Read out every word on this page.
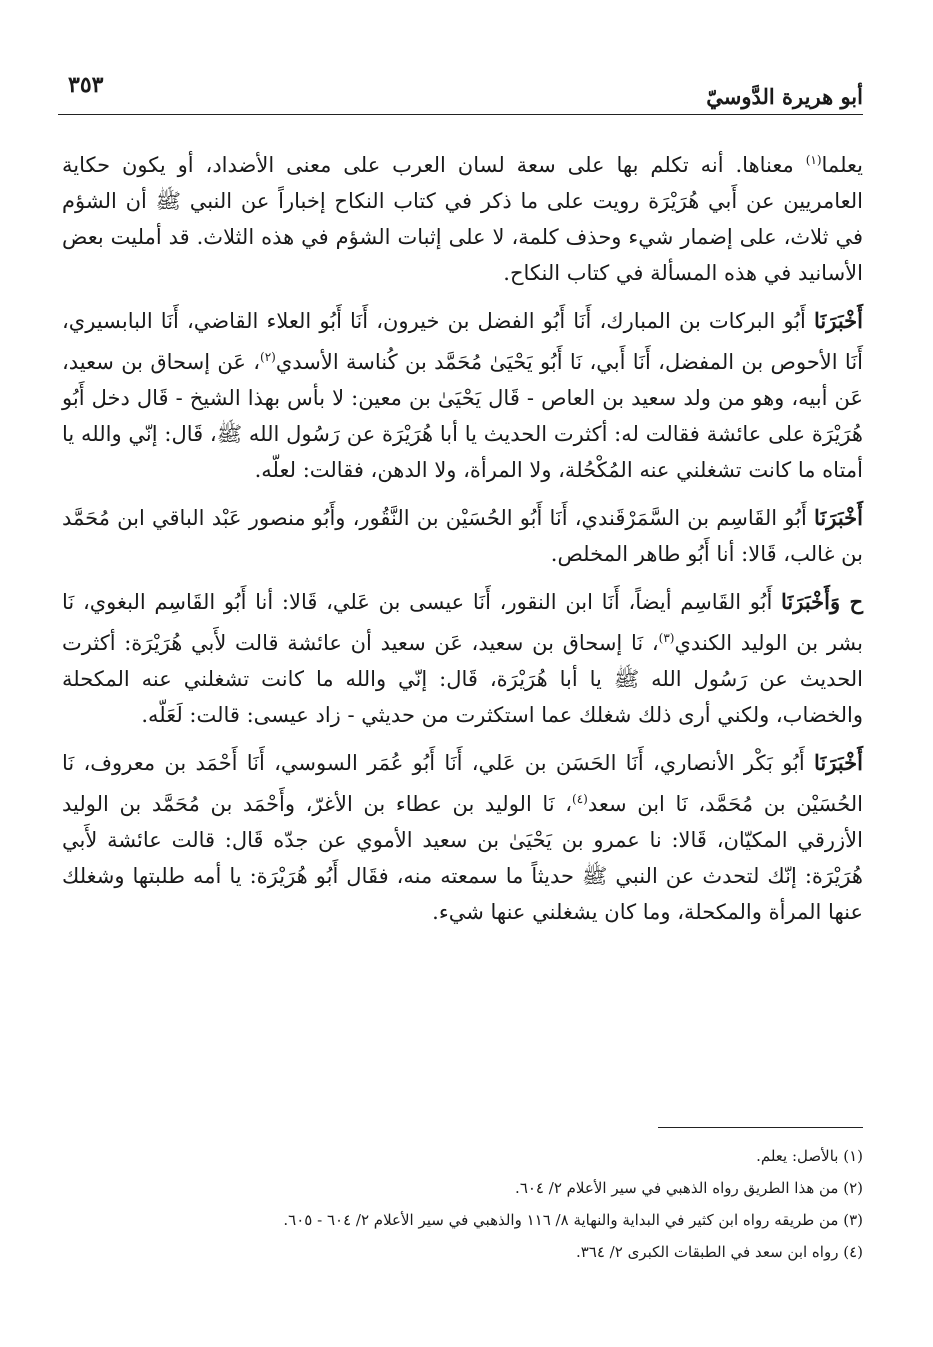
أبو هريرة الدَّوسيّ
٣٥٣

يعلما$^{(١)}$ معناها. أنه تكلم بها على سعة لسان العرب على معنى الأضداد، أو يكون حكاية العامريين عن أَبي هُرَيْرَة رويت على ما ذكر في كتاب النكاح إخباراً عن النبي ﷺ أن الشؤم في ثلاث، على إضمار شيء وحذف كلمة، لا على إثبات الشؤم في هذه الثلاث. قد أمليت بعض الأسانيد في هذه المسألة في كتاب النكاح.

أَخْبَرَنَا أَبُو البركات بن المبارك، أَنَا أَبُو الفضل بن خيرون، أَنَا أَبُو العلاء القاضي، أَنَا البابسيري، أَنَا الأحوص بن المفضل، أَنَا أَبي، نَا أَبُو يَحْيَىٰ مُحَمَّد بن كُناسة الأسدي$^{(٢)}$، عَن إسحاق بن سعيد، عَن أبيه، وهو من ولد سعيد بن العاص - قَال يَحْيَىٰ بن معين: لا بأس بهذا الشيخ - قَال دخل أَبُو هُرَيْرَة على عائشة فقالت له: أكثرت الحديث يا أبا هُرَيْرَة عن رَسُول الله ﷺ، قَال: إنّي والله يا أمتاه ما كانت تشغلني عنه المُكْحُلة، ولا المرأة، ولا الدهن، فقالت: لعلّه.

أَخْبَرَنَا أَبُو القَاسِم بن السَّمَرْقَندي، أَنَا أَبُو الحُسَيْن بن النَّقُور، وأَبُو منصور عَبْد الباقي ابن مُحَمَّد بن غالب، قَالا: أنا أَبُو طاهر المخلص.

ح وَأَخْبَرَنَا أَبُو القَاسِم أيضاً، أَنَا ابن النقور، أَنَا عيسى بن عَلي، قَالا: أنا أَبُو القَاسِم البغوي، نَا بشر بن الوليد الكندي$^{(٣)}$، نَا إسحاق بن سعيد، عَن سعيد أن عائشة قالت لأَبي هُرَيْرَة: أكثرت الحديث عن رَسُول الله ﷺ يا أبا هُرَيْرَة، قَال: إنّي والله ما كانت تشغلني عنه المكحلة والخضاب، ولكني أرى ذلك شغلك عما استكثرت من حديثي - زاد عيسى: قالت: لَعَلّه.

أَخْبَرَنَا أَبُو بَكْر الأنصاري، أَنَا الحَسَن بن عَلي، أَنَا أَبُو عُمَر السوسي، أَنَا أَحْمَد بن معروف، نَا الحُسَيْن بن مُحَمَّد، نَا ابن سعد$^{(٤)}$، نَا الوليد بن عطاء بن الأغرّ، وأَحْمَد بن مُحَمَّد بن الوليد الأزرقي المكيّان، قَالا: نا عمرو بن يَحْيَىٰ بن سعيد الأموي عن جدّه قَال: قالت عائشة لأَبي هُرَيْرَة: إنّك لتحدث عن النبي ﷺ حديثاً ما سمعته منه، فقَال أَبُو هُرَيْرَة: يا أمه طلبتها وشغلك عنها المرأة والمكحلة، وما كان يشغلني عنها شيء.

(١) بالأصل: يعلم.
(٢) من هذا الطريق رواه الذهبي في سير الأعلام ٢/ ٦٠٤.
(٣) من طريقه رواه ابن كثير في البداية والنهاية ٨/ ١١٦ والذهبي في سير الأعلام ٢/ ٦٠٤ - ٦٠٥.
(٤) رواه ابن سعد في الطبقات الكبرى ٢/ ٣٦٤.
